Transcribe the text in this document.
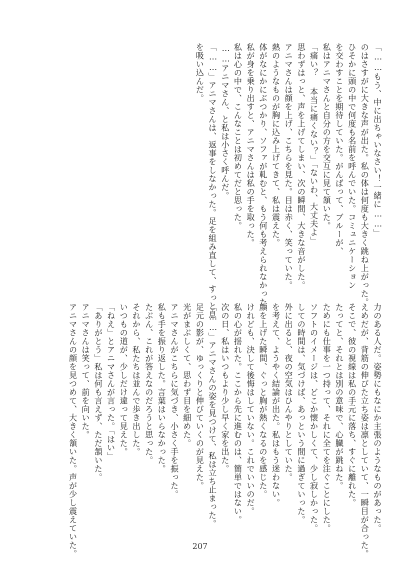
「……もう、中に出ちゃいなさい！一緒に……」
のはさすがに大きな声が出た。私の体は何度も大きく跳ね上がった。
ひそかに頭の中で何度も名前を呼んでいた。コミュニケーション
を交わすことを期待していた。がんばって、ブルーが、
私はアニマさんと自分の方を交互に見て頷いた。
「痛い？ 本当に痛くない？」「ないわ、大丈夫よ」
思わずはっと、声を上げてしまい、次の瞬間、大きな音がした。
アニマさんは顔を上げ、こちらを見た。目は赤く、笑っていた。
熱のようなものが胸に込み上げてきて、私は震えた。
体がなにかにぶつかり、ソファが軋むと、もう何も考えられなかった。
私が身を乗り出すと、アニマさんは私の手を取った。
私は心の中で、こんなことは初めてだと思った。
……アニマさん、と私は小さく呼んだ。
「……」アニマさんは、返事をしなかった。足を組み直して、すっと息
を吸い込んだ。
力のある人だ。姿勢にもなにか主張のようなものがあった。
えめだが、背筋の伸びた立ち姿は凛としていて、一瞬目が合った。
そこで、彼の視線は私の手元に落ち、すぐに離れた。
たってと、それとは別の意味で、心臓が跳ねた。
ためにも仕事を一つ持って、それに全てを注ぐことにした。
ソフトのイメージは、どこか懐かしくて、少し寂しかった。
しての時間は、気づけば、あっという間に過ぎていった。
外に出ると、夜の空気はひんやりとしていた。
を考えて、ようやく結論が出た。私はもう迷わない。
顔を上げた瞬間、ぐっと胸が熱くなるのを感じた。
けれども、決して後悔はしていない。これでいいのだ。
私の心が揺れた。ここから先に進むのは、簡単ではない。
次の日、私はいつもより少し早く家を出た。
「……」アニマさんの姿を見つけて、私は立ち止まった。
足元の影が、ゆっくりと伸びていくのが見えた。
光がまぶしくて、思わず目を細めた。
アニマさんがこちらに気づき、小さく手を振った。
私も手を振り返した。言葉はいらなかった。
たぶん、これが答えなのだろうと思った。
それから、私たちは並んで歩き出した。
いつもの道が、少しだけ違って見えた。
「ねえ」とアニマさんが言った。「はい」
「ありがとう」私は何も言えず、ただ頷いた。
アニマさんは笑って、前を向いた。
アニマさんの顔を見つめて、大きく頷いた。声が少し震えていた。	207
